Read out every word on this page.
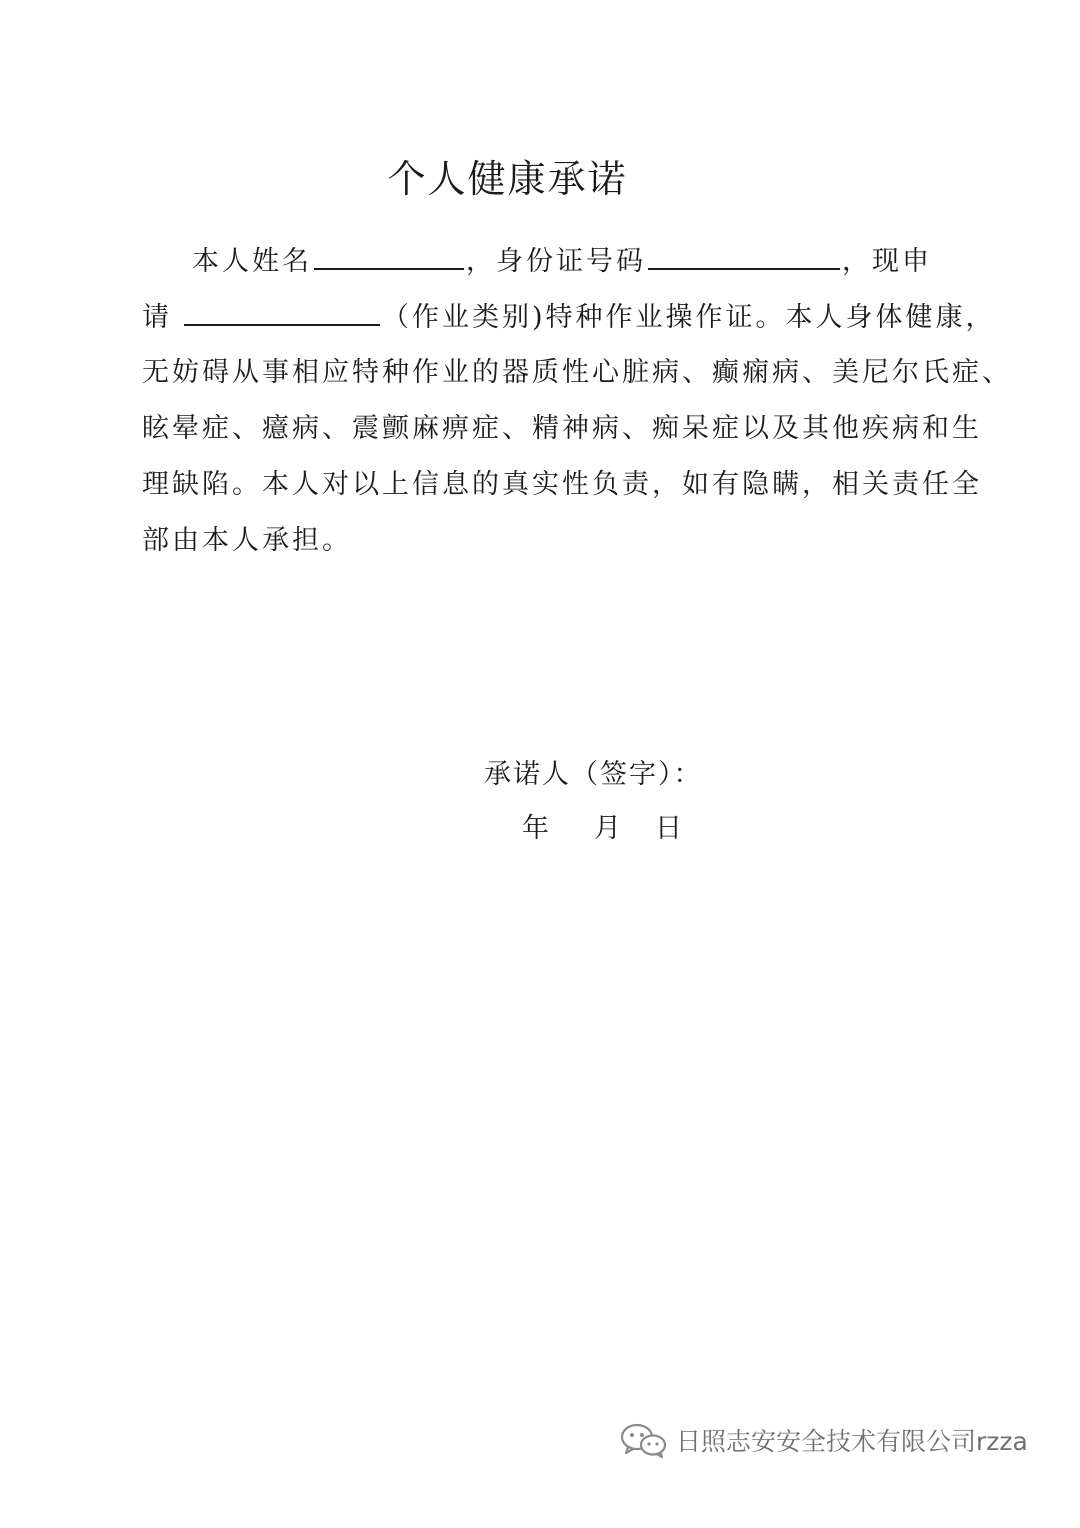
个人健康承诺
本人姓名	，身份证号码	，现申
请	（作业类别)特种作业操作证。本人身体健康，
无妨碍从事相应特种作业的器质性心脏病、癫痫病、美尼尔氏症、
眩晕症、癔病、震颤麻痹症、精神病、痴呆症以及其他疾病和生
理缺陷。本人对以上信息的真实性负责，如有隐瞒，相关责任全
部由本人承担。
承诺人（签字）：
年 月 日
日照志安安全技术有限公司rzza
